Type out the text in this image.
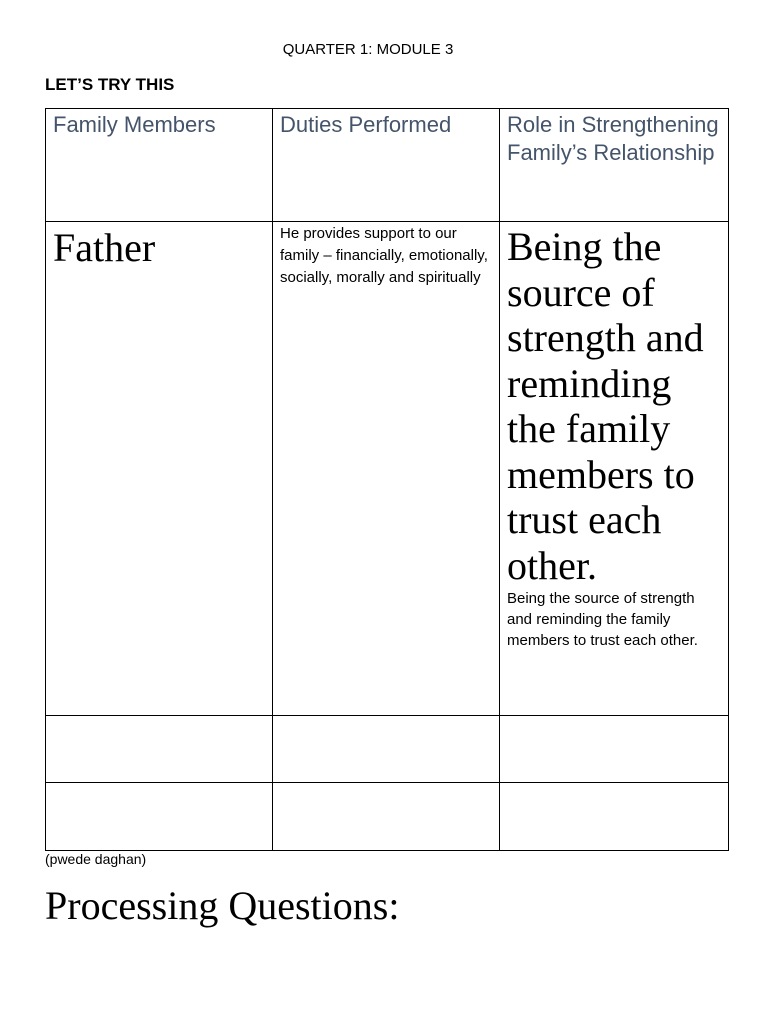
QUARTER 1: MODULE 3
LET’S TRY THIS
Family Members	Duties Performed	Role in Strengthening Family’s Relationship

Father	He provides support to our family – financially, emotionally, socially, morally and spiritually	Being the source of strength and reminding the family members to trust each other.
Being the source of strength and reminding the family members to trust each other.

(pwede daghan)
Processing Questions:
